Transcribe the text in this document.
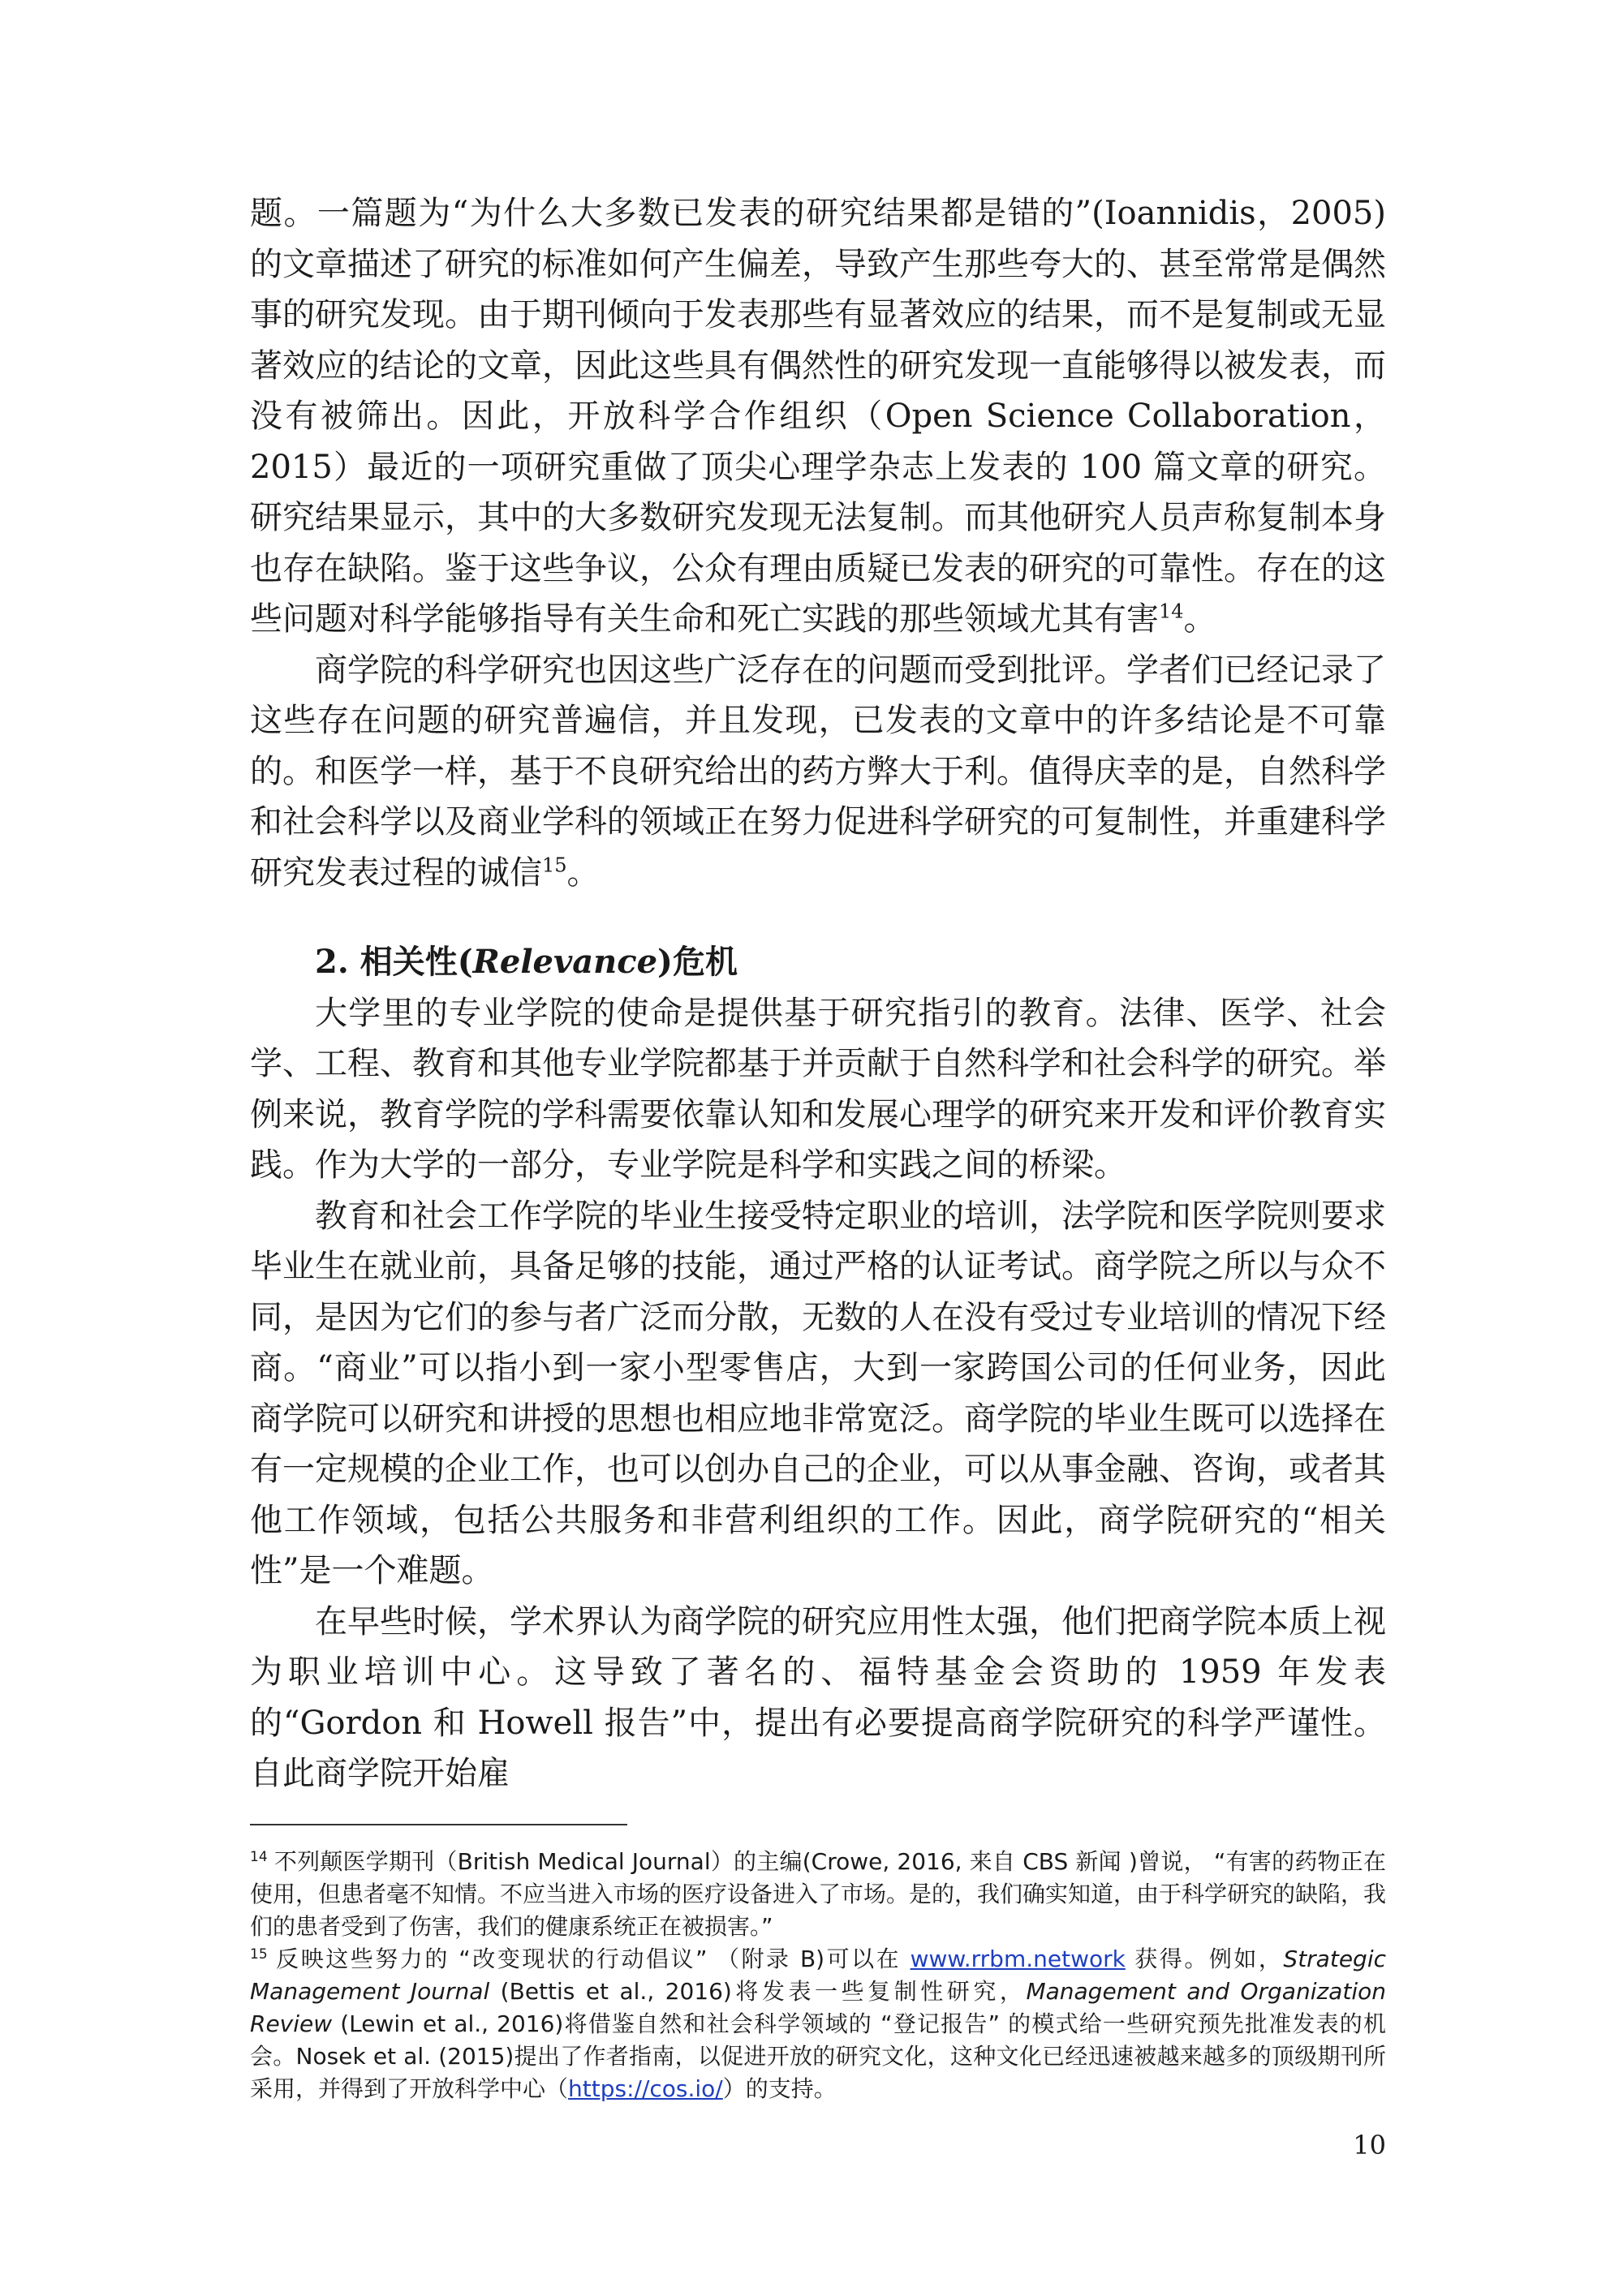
题。一篇题为“为什么大多数已发表的研究结果都是错的”(Ioannidis，2005)的文章描述了研究的标准如何产生偏差，导致产生那些夸大的、甚至常常是偶然事的研究发现。由于期刊倾向于发表那些有显著效应的结果，而不是复制或无显著效应的结论的文章，因此这些具有偶然性的研究发现一直能够得以被发表，而没有被筛出。因此，开放科学合作组织（Open Science Collaboration，2015）最近的一项研究重做了顶尖心理学杂志上发表的 100 篇文章的研究。研究结果显示，其中的大多数研究发现无法复制。而其他研究人员声称复制本身也存在缺陷。鉴于这些争议，公众有理由质疑已发表的研究的可靠性。存在的这些问题对科学能够指导有关生命和死亡实践的那些领域尤其有害$^{14}$。

商学院的科学研究也因这些广泛存在的问题而受到批评。学者们已经记录了这些存在问题的研究普遍信，并且发现，已发表的文章中的许多结论是不可靠的。和医学一样，基于不良研究给出的药方弊大于利。值得庆幸的是，自然科学和社会科学以及商业学科的领域正在努力促进科学研究的可复制性，并重建科学研究发表过程的诚信$^{15}$。

2. 相关性(Relevance)危机

大学里的专业学院的使命是提供基于研究指引的教育。法律、医学、社会学、工程、教育和其他专业学院都基于并贡献于自然科学和社会科学的研究。举例来说，教育学院的学科需要依靠认知和发展心理学的研究来开发和评价教育实践。作为大学的一部分，专业学院是科学和实践之间的桥梁。

教育和社会工作学院的毕业生接受特定职业的培训，法学院和医学院则要求毕业生在就业前，具备足够的技能，通过严格的认证考试。商学院之所以与众不同，是因为它们的参与者广泛而分散，无数的人在没有受过专业培训的情况下经商。“商业”可以指小到一家小型零售店，大到一家跨国公司的任何业务，因此商学院可以研究和讲授的思想也相应地非常宽泛。商学院的毕业生既可以选择在有一定规模的企业工作，也可以创办自己的企业，可以从事金融、咨询，或者其他工作领域，包括公共服务和非营利组织的工作。因此，商学院研究的“相关性”是一个难题。

在早些时候，学术界认为商学院的研究应用性太强，他们把商学院本质上视为职业培训中心。这导致了著名的、福特基金会资助的 1959 年发表的“Gordon 和 Howell 报告”中，提出有必要提高商学院研究的科学严谨性。自此商学院开始雇

$^{14}$ 不列颠医学期刊（British Medical Journal）的主编(Crowe, 2016, 来自 CBS 新闻 )曾说， “有害的药物正在使用，但患者毫不知情。不应当进入市场的医疗设备进入了市场。是的，我们确实知道，由于科学研究的缺陷，我们的患者受到了伤害，我们的健康系统正在被损害。”

$^{15}$ 反映这些努力的 “改变现状的行动倡议” （附录 B)可以在 www.rrbm.network 获得。例如，Strategic Management Journal (Bettis et al., 2016)将发表一些复制性研究，Management and Organization Review (Lewin et al., 2016)将借鉴自然和社会科学领域的 “登记报告” 的模式给一些研究预先批准发表的机会。Nosek et al. (2015)提出了作者指南，以促进开放的研究文化，这种文化已经迅速被越来越多的顶级期刊所采用，并得到了开放科学中心（https://cos.io/）的支持。

10
